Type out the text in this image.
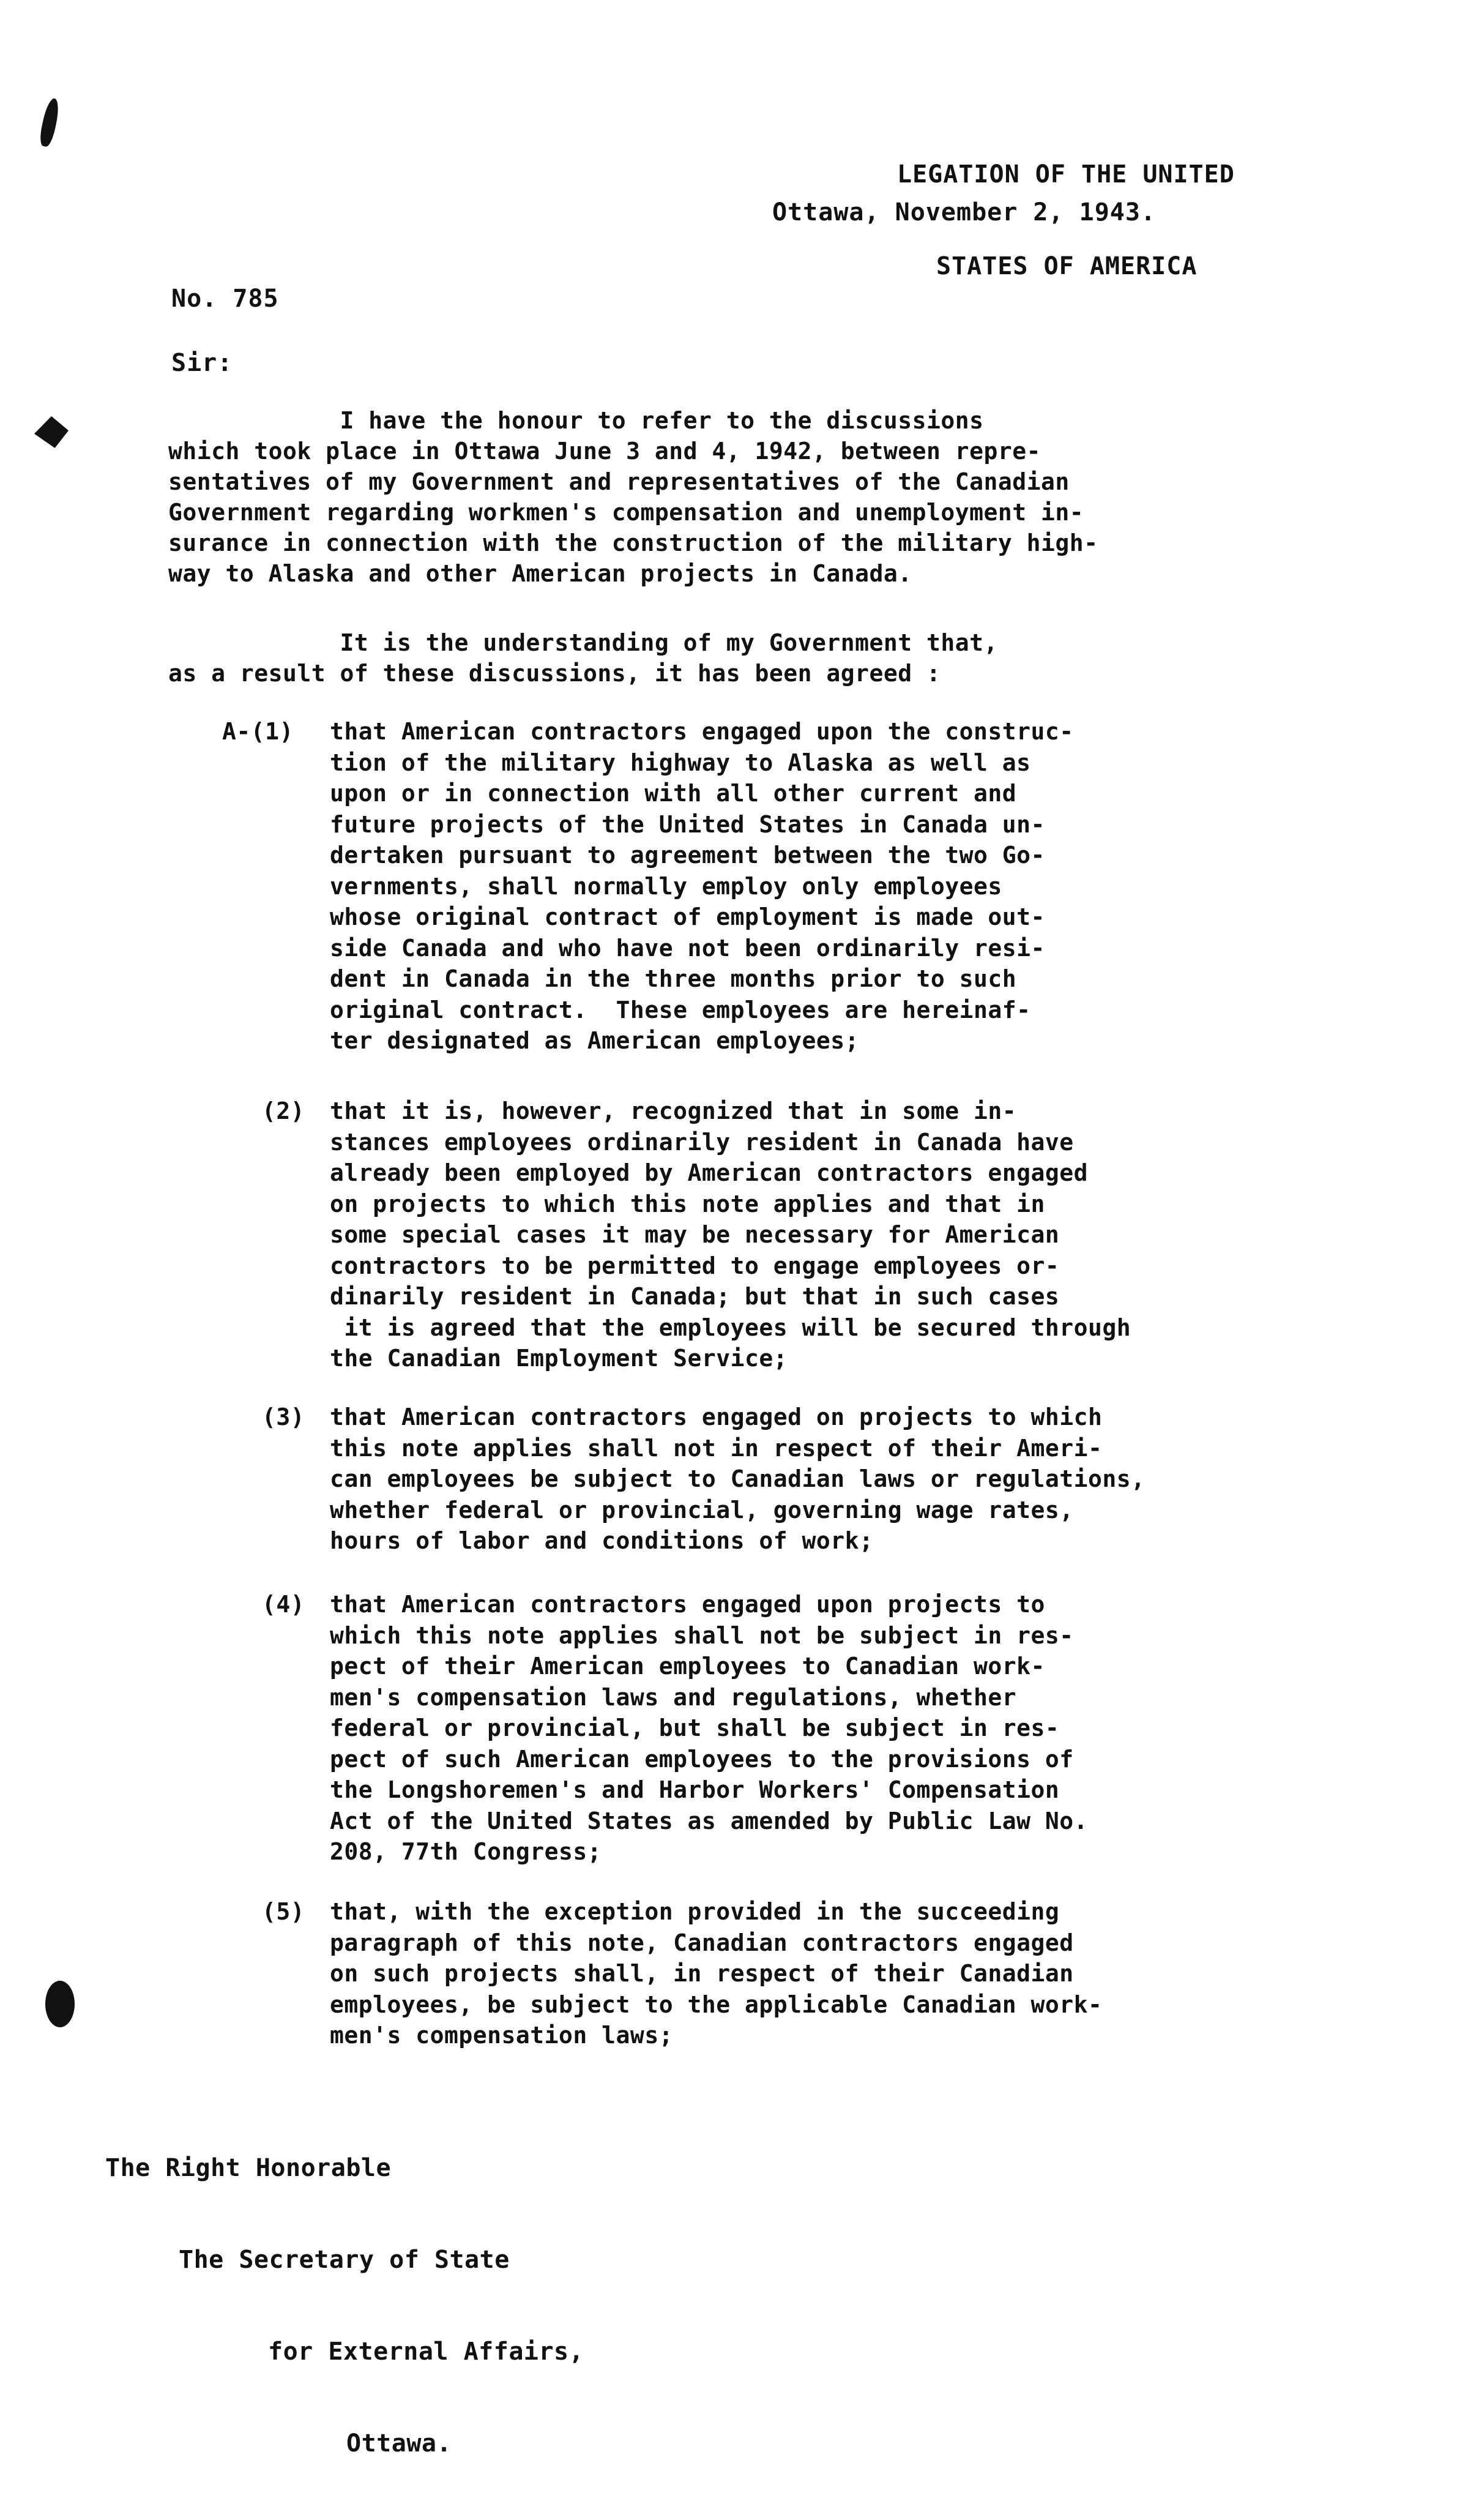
LEGATION OF THE UNITED

STATES OF AMERICA

Ottawa, November 2, 1943.
No. 785
Sir:
I have the honour to refer to the discussions
which took place in Ottawa June 3 and 4, 1942, between repre-
sentatives of my Government and representatives of the Canadian
Government regarding workmen's compensation and unemployment in-
surance in connection with the construction of the military high-
way to Alaska and other American projects in Canada.
It is the understanding of my Government that,
as a result of these discussions, it has been agreed :

A-(1)

that American contractors engaged upon the construc-
tion of the military highway to Alaska as well as
upon or in connection with all other current and
future projects of the United States in Canada un-
dertaken pursuant to agreement between the two Go-
vernments, shall normally employ only employees
whose original contract of employment is made out-
side Canada and who have not been ordinarily resi-
dent in Canada in the three months prior to such
original contract.  These employees are hereinaf-
ter designated as American employees;

(2)

that it is, however, recognized that in some in-
stances employees ordinarily resident in Canada have
already been employed by American contractors engaged
on projects to which this note applies and that in
some special cases it may be necessary for American
contractors to be permitted to engage employees or-
dinarily resident in Canada; but that in such cases
it is agreed that the employees will be secured through
the Canadian Employment Service;

(3)

that American contractors engaged on projects to which
this note applies shall not in respect of their Ameri-
can employees be subject to Canadian laws or regulations,
whether federal or provincial, governing wage rates,
hours of labor and conditions of work;

(4)

that American contractors engaged upon projects to
which this note applies shall not be subject in res-
pect of their American employees to Canadian work-
men's compensation laws and regulations, whether
federal or provincial, but shall be subject in res-
pect of such American employees to the provisions of
the Longshoremen's and Harbor Workers' Compensation
Act of the United States as amended by Public Law No.
208, 77th Congress;

(5)

that, with the exception provided in the succeeding
paragraph of this note, Canadian contractors engaged
on such projects shall, in respect of their Canadian
employees, be subject to the applicable Canadian work-
men's compensation laws;

The Right Honorable

The Secretary of State

for External Affairs,

Ottawa.
